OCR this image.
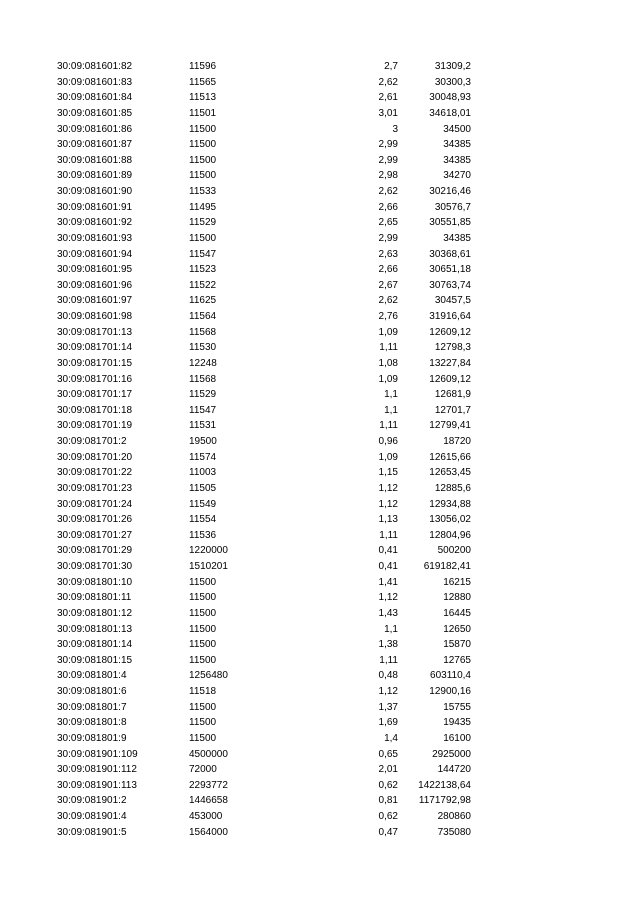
30:09:081601:82	11596	2,7	31309,2
30:09:081601:83	11565	2,62	30300,3
30:09:081601:84	11513	2,61	30048,93
30:09:081601:85	11501	3,01	34618,01
30:09:081601:86	11500	3	34500
30:09:081601:87	11500	2,99	34385
30:09:081601:88	11500	2,99	34385
30:09:081601:89	11500	2,98	34270
30:09:081601:90	11533	2,62	30216,46
30:09:081601:91	11495	2,66	30576,7
30:09:081601:92	11529	2,65	30551,85
30:09:081601:93	11500	2,99	34385
30:09:081601:94	11547	2,63	30368,61
30:09:081601:95	11523	2,66	30651,18
30:09:081601:96	11522	2,67	30763,74
30:09:081601:97	11625	2,62	30457,5
30:09:081601:98	11564	2,76	31916,64
30:09:081701:13	11568	1,09	12609,12
30:09:081701:14	11530	1,11	12798,3
30:09:081701:15	12248	1,08	13227,84
30:09:081701:16	11568	1,09	12609,12
30:09:081701:17	11529	1,1	12681,9
30:09:081701:18	11547	1,1	12701,7
30:09:081701:19	11531	1,11	12799,41
30:09:081701:2	19500	0,96	18720
30:09:081701:20	11574	1,09	12615,66
30:09:081701:22	11003	1,15	12653,45
30:09:081701:23	11505	1,12	12885,6
30:09:081701:24	11549	1,12	12934,88
30:09:081701:26	11554	1,13	13056,02
30:09:081701:27	11536	1,11	12804,96
30:09:081701:29	1220000	0,41	500200
30:09:081701:30	1510201	0,41	619182,41
30:09:081801:10	11500	1,41	16215
30:09:081801:11	11500	1,12	12880
30:09:081801:12	11500	1,43	16445
30:09:081801:13	11500	1,1	12650
30:09:081801:14	11500	1,38	15870
30:09:081801:15	11500	1,11	12765
30:09:081801:4	1256480	0,48	603110,4
30:09:081801:6	11518	1,12	12900,16
30:09:081801:7	11500	1,37	15755
30:09:081801:8	11500	1,69	19435
30:09:081801:9	11500	1,4	16100
30:09:081901:109	4500000	0,65	2925000
30:09:081901:112	72000	2,01	144720
30:09:081901:113	2293772	0,62	1422138,64
30:09:081901:2	1446658	0,81	1171792,98
30:09:081901:4	453000	0,62	280860
30:09:081901:5	1564000	0,47	735080
